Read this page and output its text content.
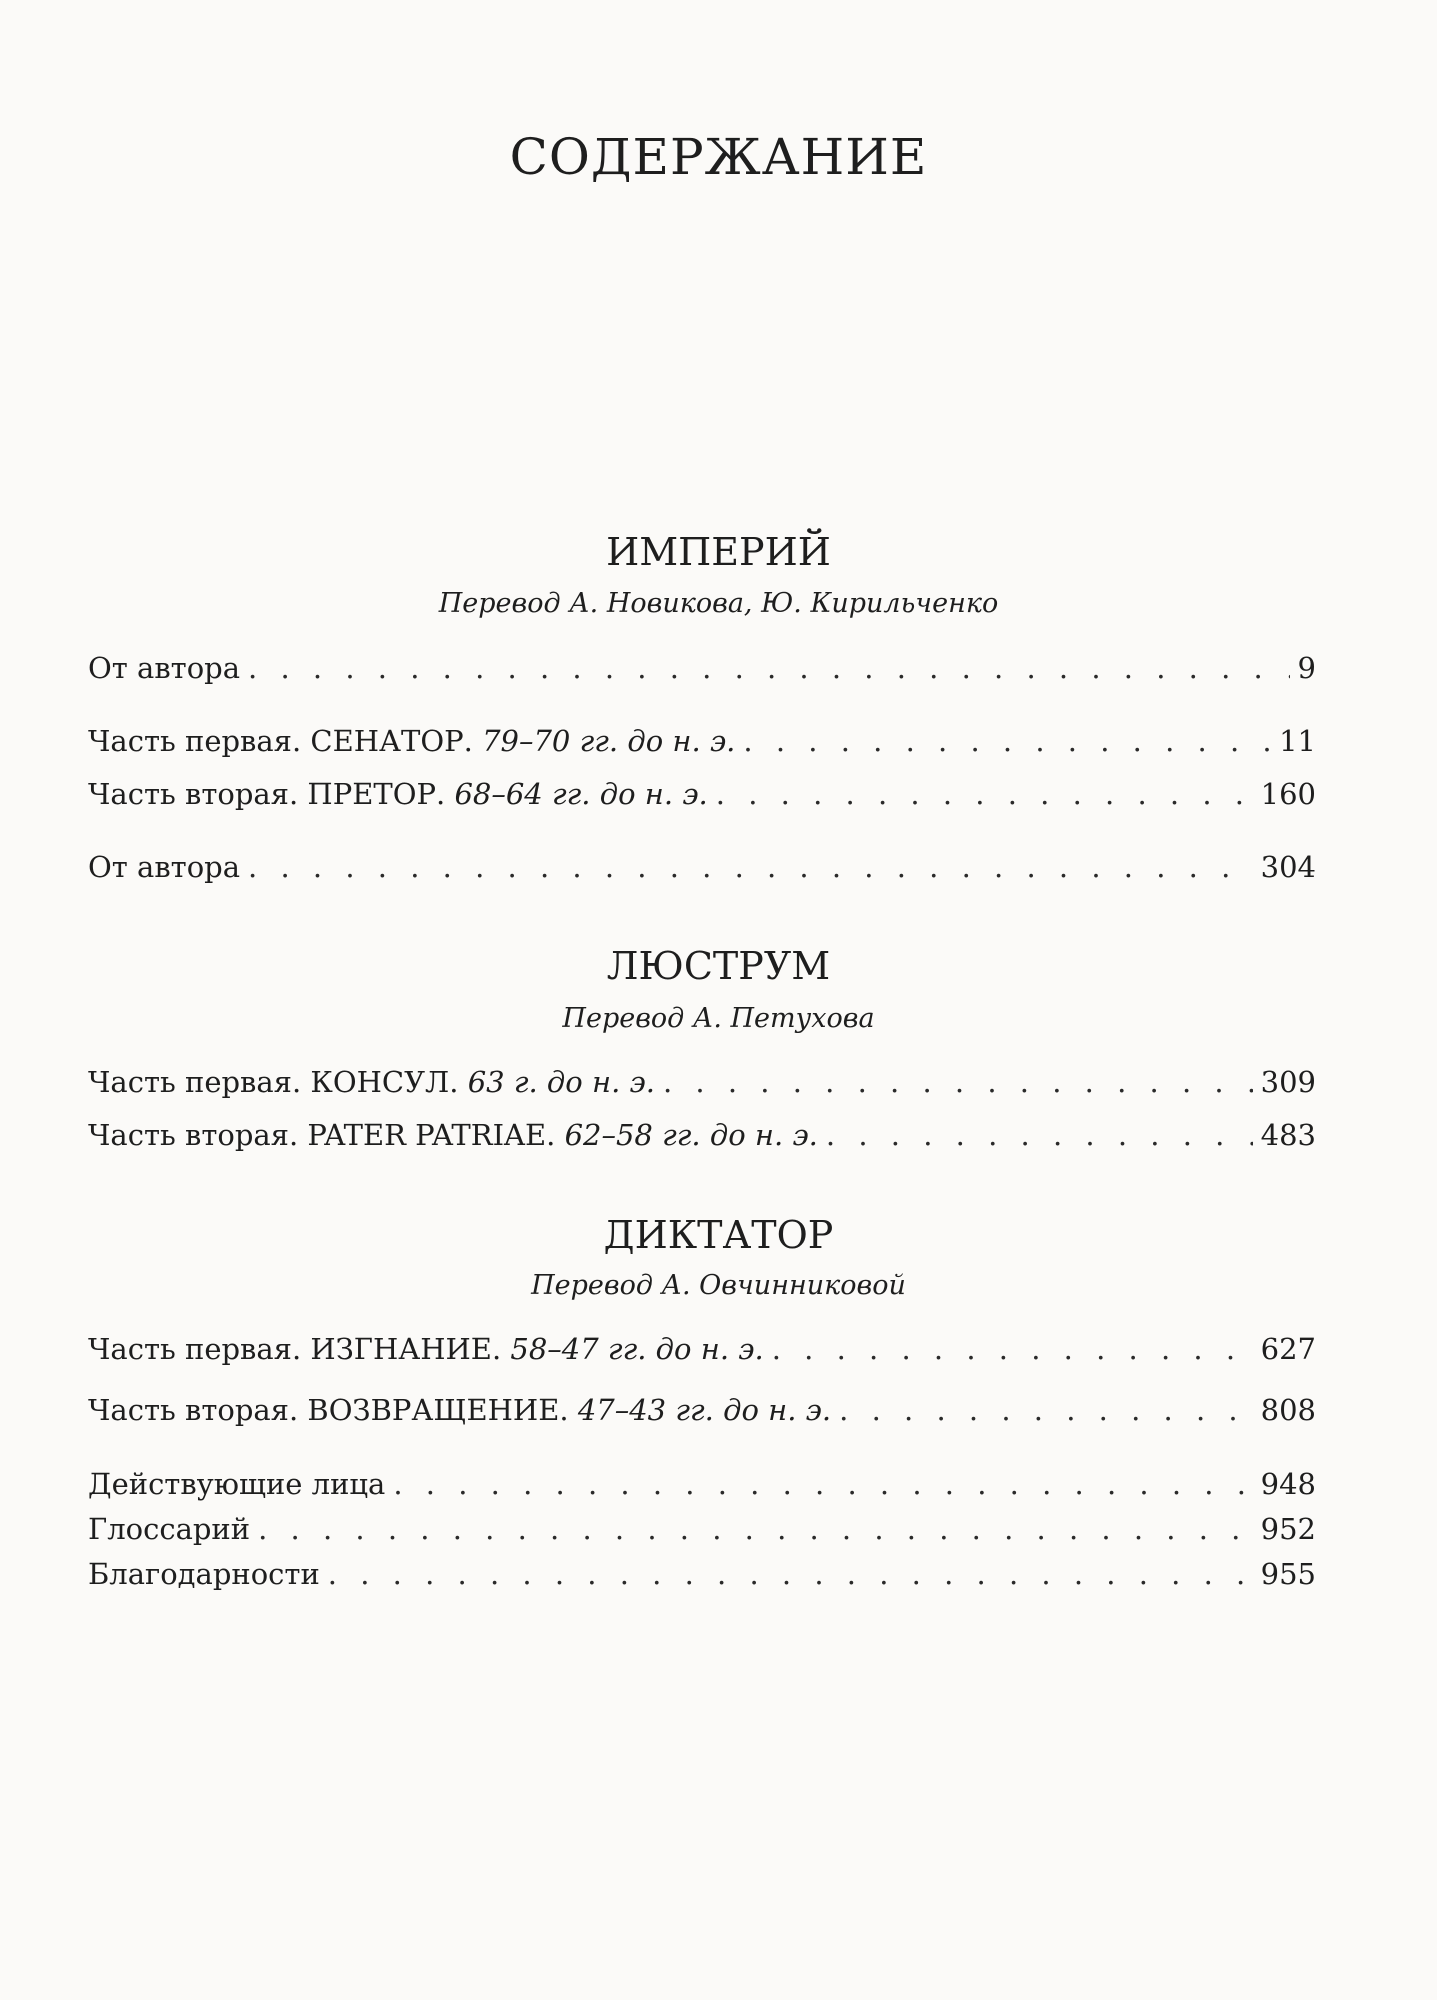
СОДЕРЖАНИЕ
ИМПЕРИЙ

Перевод А. Новикова, Ю. Кирильченко

От автора . . .	9
Часть первая. СЕНАТОР. 79–70 гг. до н. э. . . .	11
Часть вторая. ПРЕТОР. 68–64 гг. до н. э. . . .	160
От автора . . .	304
ЛЮСТРУМ

Перевод А. Петухова

Часть первая. КОНСУЛ. 63 г. до н. э. . . .	309
Часть вторая. PATER PATRIAE. 62–58 гг. до н. э. . . .	483
ДИКТАТОР

Перевод А. Овчинниковой

Часть первая. ИЗГНАНИЕ. 58–47 гг. до н. э. . . .	627
Часть вторая. ВОЗВРАЩЕНИЕ. 47–43 гг. до н. э. . . .	808
Действующие лица . . .	948
Глоссарий . . .	952
Благодарности . . .	955
